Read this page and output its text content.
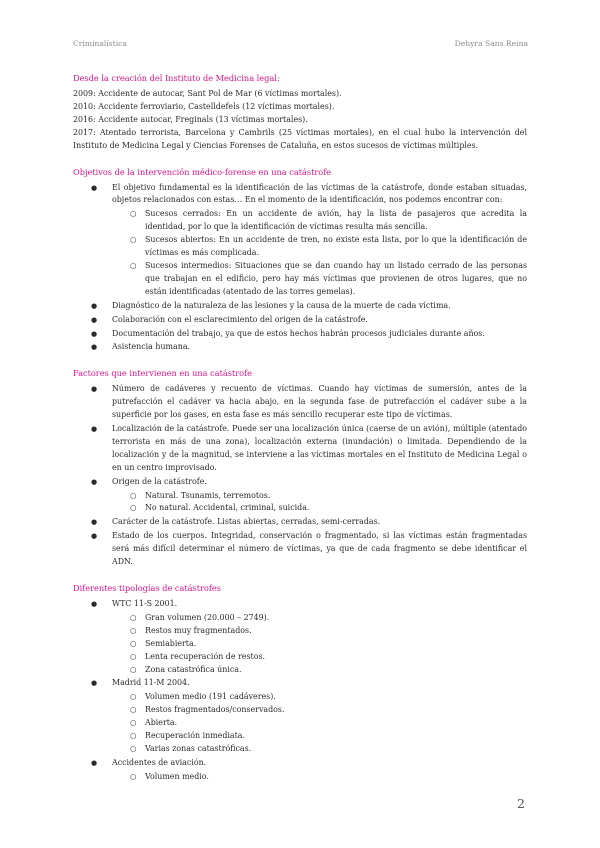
Criminalística	Dehyra Sans Reina
Desde la creación del Instituto de Medicina legal:

2009: Accidente de autocar, Sant Pol de Mar (6 víctimas mortales).

2010: Accidente ferroviario, Castelldefels (12 víctimas mortales).

2016: Accidente autocar, Freginals (13 víctimas mortales).

2017: Atentado terrorista, Barcelona y Cambrils (25 víctimas mortales), en el cual hubo la intervención del Instituto de Medicina Legal y Ciencias Forenses de Cataluña, en estos sucesos de víctimas múltiples.

Objetivos de la intervención médico-forense en una catástrofe
● El objetivo fundamental es la identificación de las víctimas de la catástrofe, donde estaban situadas, objetos relacionados con estas… En el momento de la identificación, nos podemos encontrar con:
○ Sucesos cerrados: En un accidente de avión, hay la lista de pasajeros que acredita la identidad, por lo que la identificación de víctimas resulta más sencilla.
○ Sucesos abiertos: En un accidente de tren, no existe esta lista, por lo que la identificación de víctimas es más complicada.
○ Sucesos intermedios: Situaciones que se dan cuando hay un listado cerrado de las personas que trabajan en el edificio, pero hay más víctimas que provienen de otros lugares, que no están identificadas (atentado de las torres gemelas).
● Diagnóstico de la naturaleza de las lesiones y la causa de la muerte de cada víctima.
● Colaboración con el esclarecimiento del origen de la catástrofe.
● Documentación del trabajo, ya que de estos hechos habrán procesos judiciales durante años.
● Asistencia humana.
Factores que intervienen en una catástrofe
● Número de cadáveres y recuento de víctimas. Cuando hay víctimas de sumersión, antes de la putrefacción el cadáver va hacia abajo, en la segunda fase de putrefacción el cadáver sube a la superficie por los gases, en esta fase es más sencillo recuperar este tipo de víctimas.
● Localización de la catástrofe. Puede ser una localización única (caerse de un avión), múltiple (atentado terrorista en más de una zona), localización externa (inundación) o limitada. Dependiendo de la localización y de la magnitud, se interviene a las víctimas mortales en el Instituto de Medicina Legal o en un centro improvisado.
● Origen de la catástrofe.
○ Natural. Tsunamis, terremotos.
○ No natural. Accidental, criminal, suicida.
● Carácter de la catástrofe. Listas abiertas, cerradas, semi-cerradas.
● Estado de los cuerpos. Integridad, conservación o fragmentado, si las víctimas están fragmentadas será más difícil determinar el número de víctimas, ya que de cada fragmento se debe identificar el ADN.
Diferentes tipologías de catástrofes
● WTC 11-S 2001.
○ Gran volumen (20.000 – 2749).
○ Restos muy fragmentados.
○ Semiabierta.
○ Lenta recuperación de restos.
○ Zona catastrófica única.
● Madrid 11-M 2004.
○ Volumen medio (191 cadáveres).
○ Restos fragmentados/conservados.
○ Abierta.
○ Recuperación inmediata.
○ Varias zonas catastróficas.
● Accidentes de aviación.
○ Volumen medio.
2
